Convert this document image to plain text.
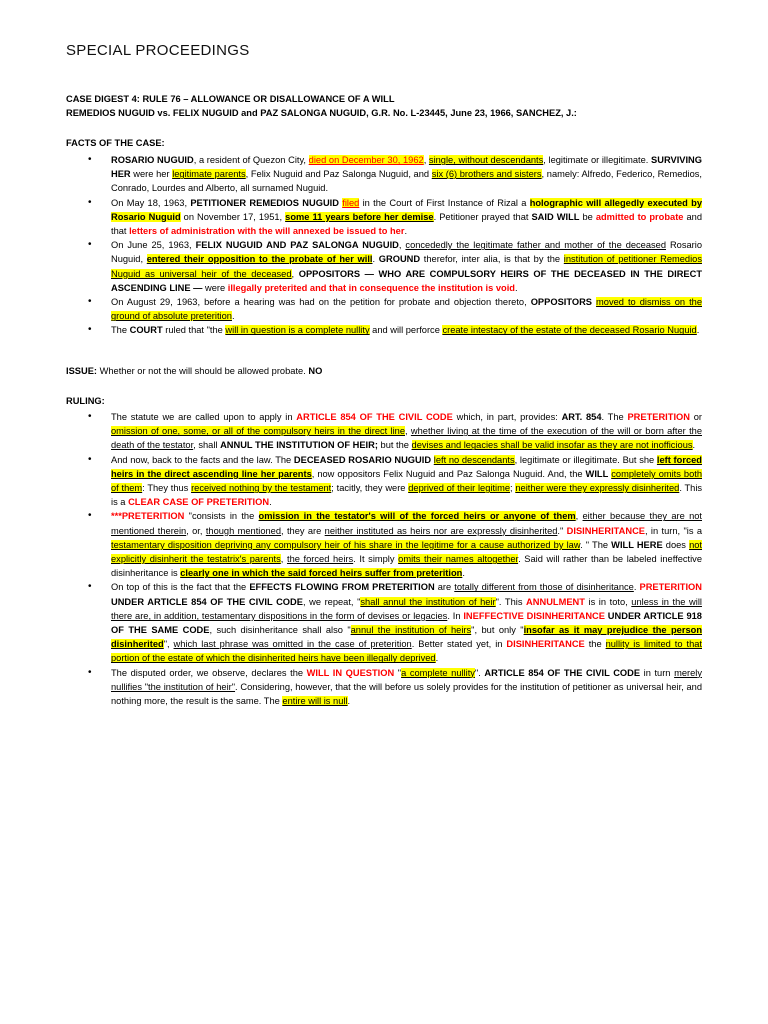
SPECIAL PROCEEDINGS
CASE DIGEST 4: RULE 76 – ALLOWANCE OR DISALLOWANCE OF A WILL
REMEDIOS NUGUID vs. FELIX NUGUID and PAZ SALONGA NUGUID, G.R. No. L-23445, June 23, 1966, SANCHEZ, J.:
FACTS OF THE CASE:
• ROSARIO NUGUID, a resident of Quezon City, died on December 30, 1962, single, without descendants, legitimate or illegitimate. SURVIVING HER were her legitimate parents, Felix Nuguid and Paz Salonga Nuguid, and six (6) brothers and sisters, namely: Alfredo, Federico, Remedios, Conrado, Lourdes and Alberto, all surnamed Nuguid.
• On May 18, 1963, PETITIONER REMEDIOS NUGUID filed in the Court of First Instance of Rizal a holographic will allegedly executed by Rosario Nuguid on November 17, 1951, some 11 years before her demise. Petitioner prayed that SAID WILL be admitted to probate and that letters of administration with the will annexed be issued to her.
• On June 25, 1963, FELIX NUGUID AND PAZ SALONGA NUGUID, concededly the legitimate father and mother of the deceased Rosario Nuguid, entered their opposition to the probate of her will. GROUND therefor, inter alia, is that by the institution of petitioner Remedios Nuguid as universal heir of the deceased, OPPOSITORS — WHO ARE COMPULSORY HEIRS OF THE DECEASED IN THE DIRECT ASCENDING LINE — were illegally preterited and that in consequence the institution is void.
• On August 29, 1963, before a hearing was had on the petition for probate and objection thereto, OPPOSITORS moved to dismiss on the ground of absolute preterition.
• The COURT ruled that "the will in question is a complete nullity and will perforce create intestacy of the estate of the deceased Rosario Nuguid.
ISSUE: Whether or not the will should be allowed probate. NO
RULING:
• The statute we are called upon to apply in ARTICLE 854 OF THE CIVIL CODE which, in part, provides: ART. 854. The PRETERITION or omission of one, some, or all of the compulsory heirs in the direct line, whether living at the time of the execution of the will or born after the death of the testator, shall ANNUL THE INSTITUTION OF HEIR; but the devises and legacies shall be valid insofar as they are not inofficious.
• And now, back to the facts and the law. The DECEASED ROSARIO NUGUID left no descendants, legitimate or illegitimate. But she left forced heirs in the direct ascending line her parents, now oppositors Felix Nuguid and Paz Salonga Nuguid. And, the WILL completely omits both of them: They thus received nothing by the testament; tacitly, they were deprived of their legitime; neither were they expressly disinherited. This is a CLEAR CASE OF PRETERITION.
• ***PRETERITION "consists in the omission in the testator's will of the forced heirs or anyone of them, either because they are not mentioned therein, or, though mentioned, they are neither instituted as heirs nor are expressly disinherited." DISINHERITANCE, in turn, "is a testamentary disposition depriving any compulsory heir of his share in the legitime for a cause authorized by law. " The WILL HERE does not explicitly disinherit the testatrix's parents, the forced heirs. It simply omits their names altogether. Said will rather than be labeled ineffective disinheritance is clearly one in which the said forced heirs suffer from preterition.
• On top of this is the fact that the EFFECTS FLOWING FROM PRETERITION are totally different from those of disinheritance. PRETERITION UNDER ARTICLE 854 OF THE CIVIL CODE, we repeat, "shall annul the institution of heir". This ANNULMENT is in toto, unless in the will there are, in addition, testamentary dispositions in the form of devises or legacies. In INEFFECTIVE DISINHERITANCE UNDER ARTICLE 918 OF THE SAME CODE, such disinheritance shall also "annul the institution of heirs", but only "insofar as it may prejudice the person disinherited", which last phrase was omitted in the case of preterition. Better stated yet, in DISINHERITANCE the nullity is limited to that portion of the estate of which the disinherited heirs have been illegally deprived.
• The disputed order, we observe, declares the WILL IN QUESTION "a complete nullity". ARTICLE 854 OF THE CIVIL CODE in turn merely nullifies "the institution of heir". Considering, however, that the will before us solely provides for the institution of petitioner as universal heir, and nothing more, the result is the same. The entire will is null.
